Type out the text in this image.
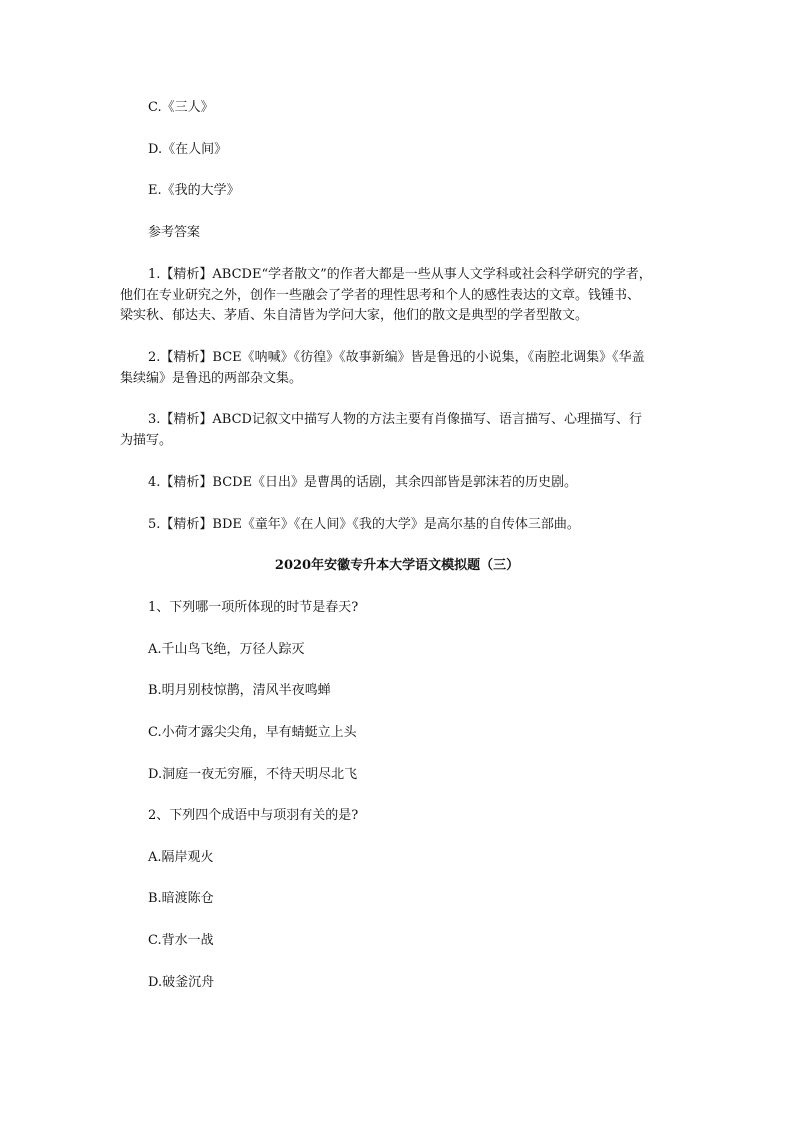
C.《三人》
D.《在人间》
E.《我的大学》
参考答案
1.【精析】ABCDE“学者散文”的作者大都是一些从事人文学科或社会科学研究的学者，
他们在专业研究之外，创作一些融会了学者的理性思考和个人的感性表达的文章。钱锺书、
梁实秋、郁达夫、茅盾、朱自清皆为学问大家，他们的散文是典型的学者型散文。
2.【精析】BCE《呐喊》《彷徨》《故事新编》皆是鲁迅的小说集，《南腔北调集》《华盖
集续编》是鲁迅的两部杂文集。
3.【精析】ABCD记叙文中描写人物的方法主要有肖像描写、语言描写、心理描写、行
为描写。
4.【精析】BCDE《日出》是曹禺的话剧，其余四部皆是郭沫若的历史剧。
5.【精析】BDE《童年》《在人间》《我的大学》是高尔基的自传体三部曲。
2020年安徽专升本大学语文模拟题（三）
1、下列哪一项所体现的时节是春天?
A.千山鸟飞绝，万径人踪灭
B.明月别枝惊鹊，清风半夜鸣蝉
C.小荷才露尖尖角，早有蜻蜓立上头
D.洞庭一夜无穷雁，不待天明尽北飞
2、下列四个成语中与项羽有关的是?
A.隔岸观火
B.暗渡陈仓
C.背水一战
D.破釜沉舟
